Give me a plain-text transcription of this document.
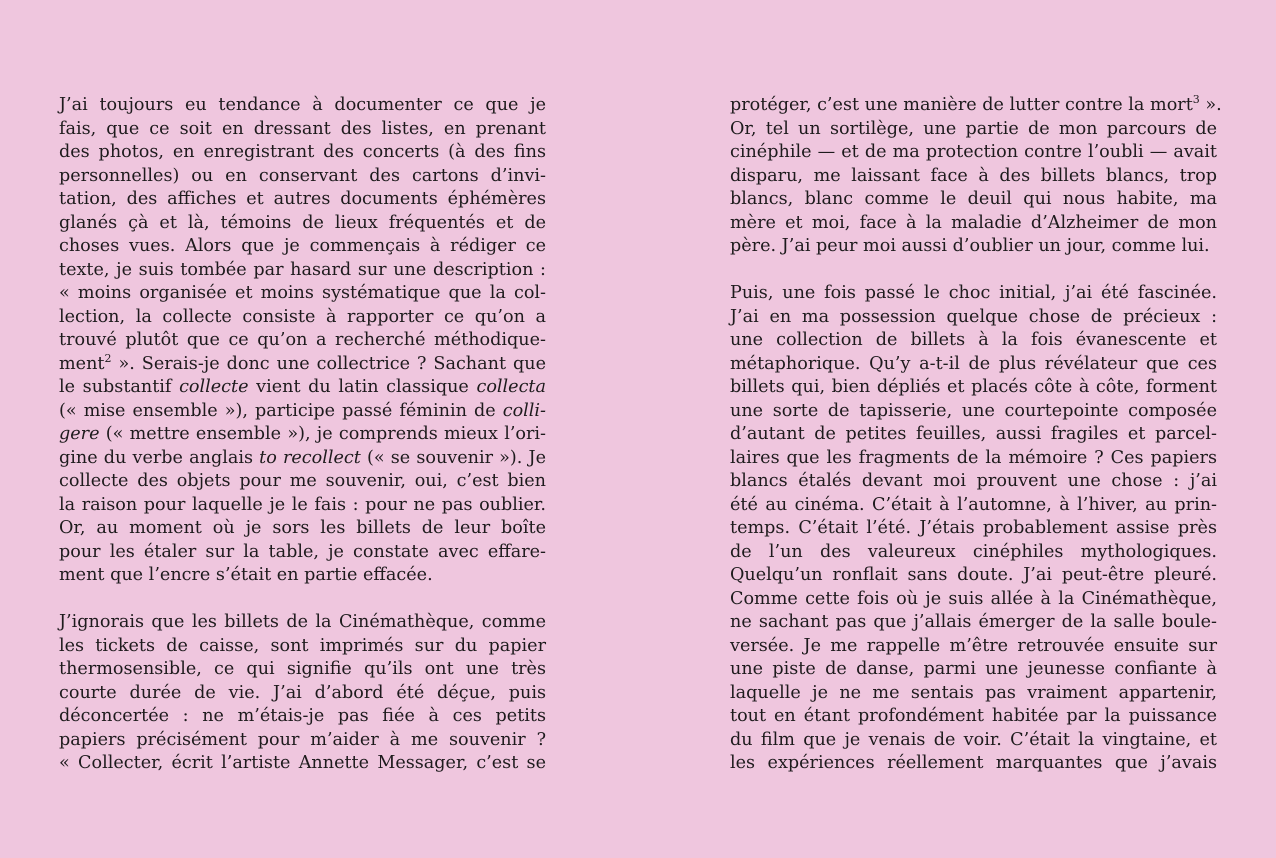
J’ai toujours eu tendance à documenter ce que je
fais, que ce soit en dressant des listes, en prenant
des photos, en enregistrant des concerts (à des fins
personnelles) ou en conservant des cartons d’invi-
tation, des affiches et autres documents éphémères
glanés çà et là, témoins de lieux fréquentés et de
choses vues. Alors que je commençais à rédiger ce
texte, je suis tombée par hasard sur une description :
« moins organisée et moins systématique que la col-
lection, la collecte consiste à rapporter ce qu’on a
trouvé plutôt que ce qu’on a recherché méthodique-
ment$^2$ ». Serais-je donc une collectrice ? Sachant que
le substantif collecte vient du latin classique collecta
(« mise ensemble »), participe passé féminin de colli-
gere (« mettre ensemble »), je comprends mieux l’ori-
gine du verbe anglais to recollect (« se souvenir »). Je
collecte des objets pour me souvenir, oui, c’est bien
la raison pour laquelle je le fais : pour ne pas oublier.
Or, au moment où je sors les billets de leur boîte
pour les étaler sur la table, je constate avec effare-
ment que l’encre s’était en partie effacée.
J’ignorais que les billets de la Cinémathèque, comme
les tickets de caisse, sont imprimés sur du papier
thermosensible, ce qui signifie qu’ils ont une très
courte durée de vie. J’ai d’abord été déçue, puis
déconcertée : ne m’étais-je pas fiée à ces petits
papiers précisément pour m’aider à me souvenir ?
« Collecter, écrit l’artiste Annette Messager, c’est se
protéger, c’est une manière de lutter contre la mort$^3$ ».
Or, tel un sortilège, une partie de mon parcours de
cinéphile — et de ma protection contre l’oubli — avait
disparu, me laissant face à des billets blancs, trop
blancs, blanc comme le deuil qui nous habite, ma
mère et moi, face à la maladie d’Alzheimer de mon
père. J’ai peur moi aussi d’oublier un jour, comme lui.
Puis, une fois passé le choc initial, j’ai été fascinée.
J’ai en ma possession quelque chose de précieux :
une collection de billets à la fois évanescente et
métaphorique. Qu’y a-t-il de plus révélateur que ces
billets qui, bien dépliés et placés côte à côte, forment
une sorte de tapisserie, une courtepointe composée
d’autant de petites feuilles, aussi fragiles et parcel-
laires que les fragments de la mémoire ? Ces papiers
blancs étalés devant moi prouvent une chose : j’ai
été au cinéma. C’était à l’automne, à l’hiver, au prin-
temps. C’était l’été. J’étais probablement assise près
de l’un des valeureux cinéphiles mythologiques.
Quelqu’un ronflait sans doute. J’ai peut-être pleuré.
Comme cette fois où je suis allée à la Cinémathèque,
ne sachant pas que j’allais émerger de la salle boule-
versée. Je me rappelle m’être retrouvée ensuite sur
une piste de danse, parmi une jeunesse confiante à
laquelle je ne me sentais pas vraiment appartenir,
tout en étant profondément habitée par la puissance
du film que je venais de voir. C’était la vingtaine, et
les expériences réellement marquantes que j’avais
